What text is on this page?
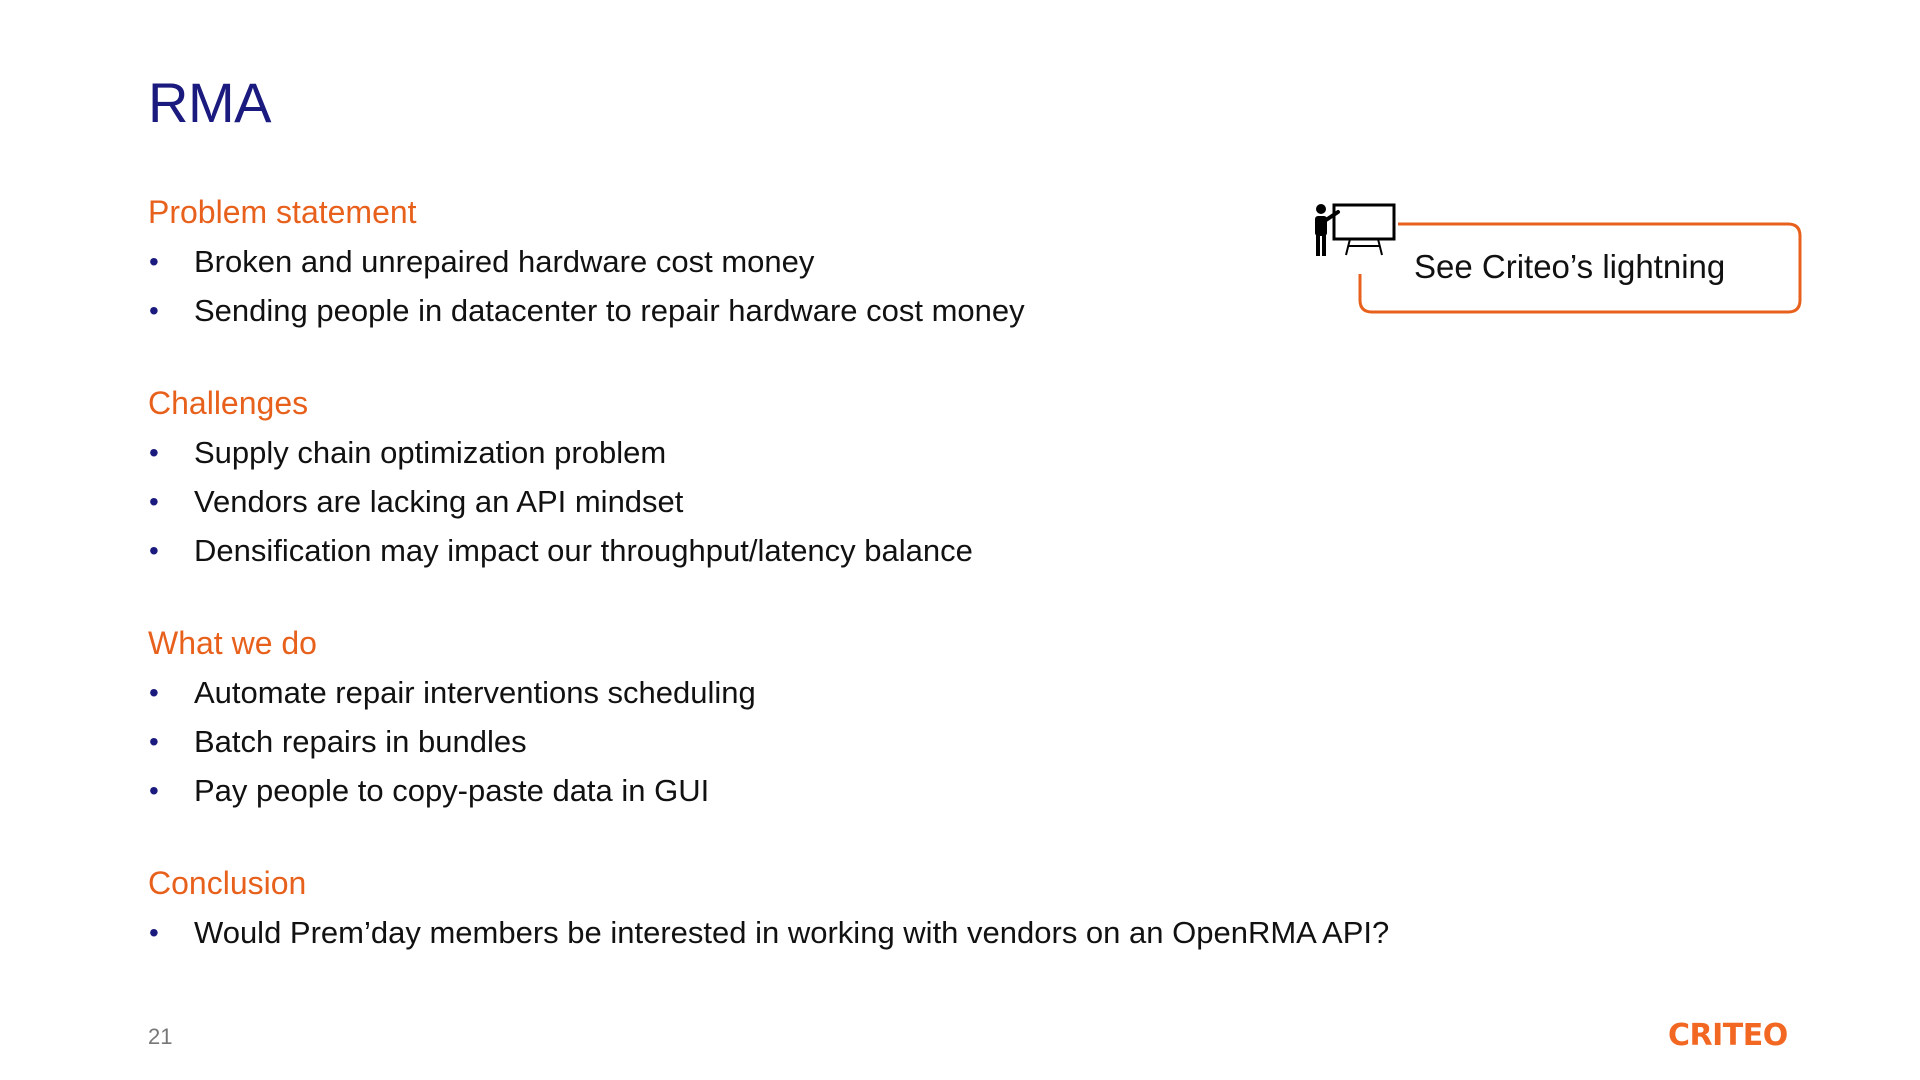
RMA
Problem statement
• Broken and unrepaired hardware cost money
• Sending people in datacenter to repair hardware cost money
Challenges
• Supply chain optimization problem
• Vendors are lacking an API mindset
• Densification may impact our throughput/latency balance
What we do
• Automate repair interventions scheduling
• Batch repairs in bundles
• Pay people to copy-paste data in GUI
Conclusion
• Would Prem’day members be interested in working with vendors on an OpenRMA API?
See Criteo’s lightning
21	CRITEO
